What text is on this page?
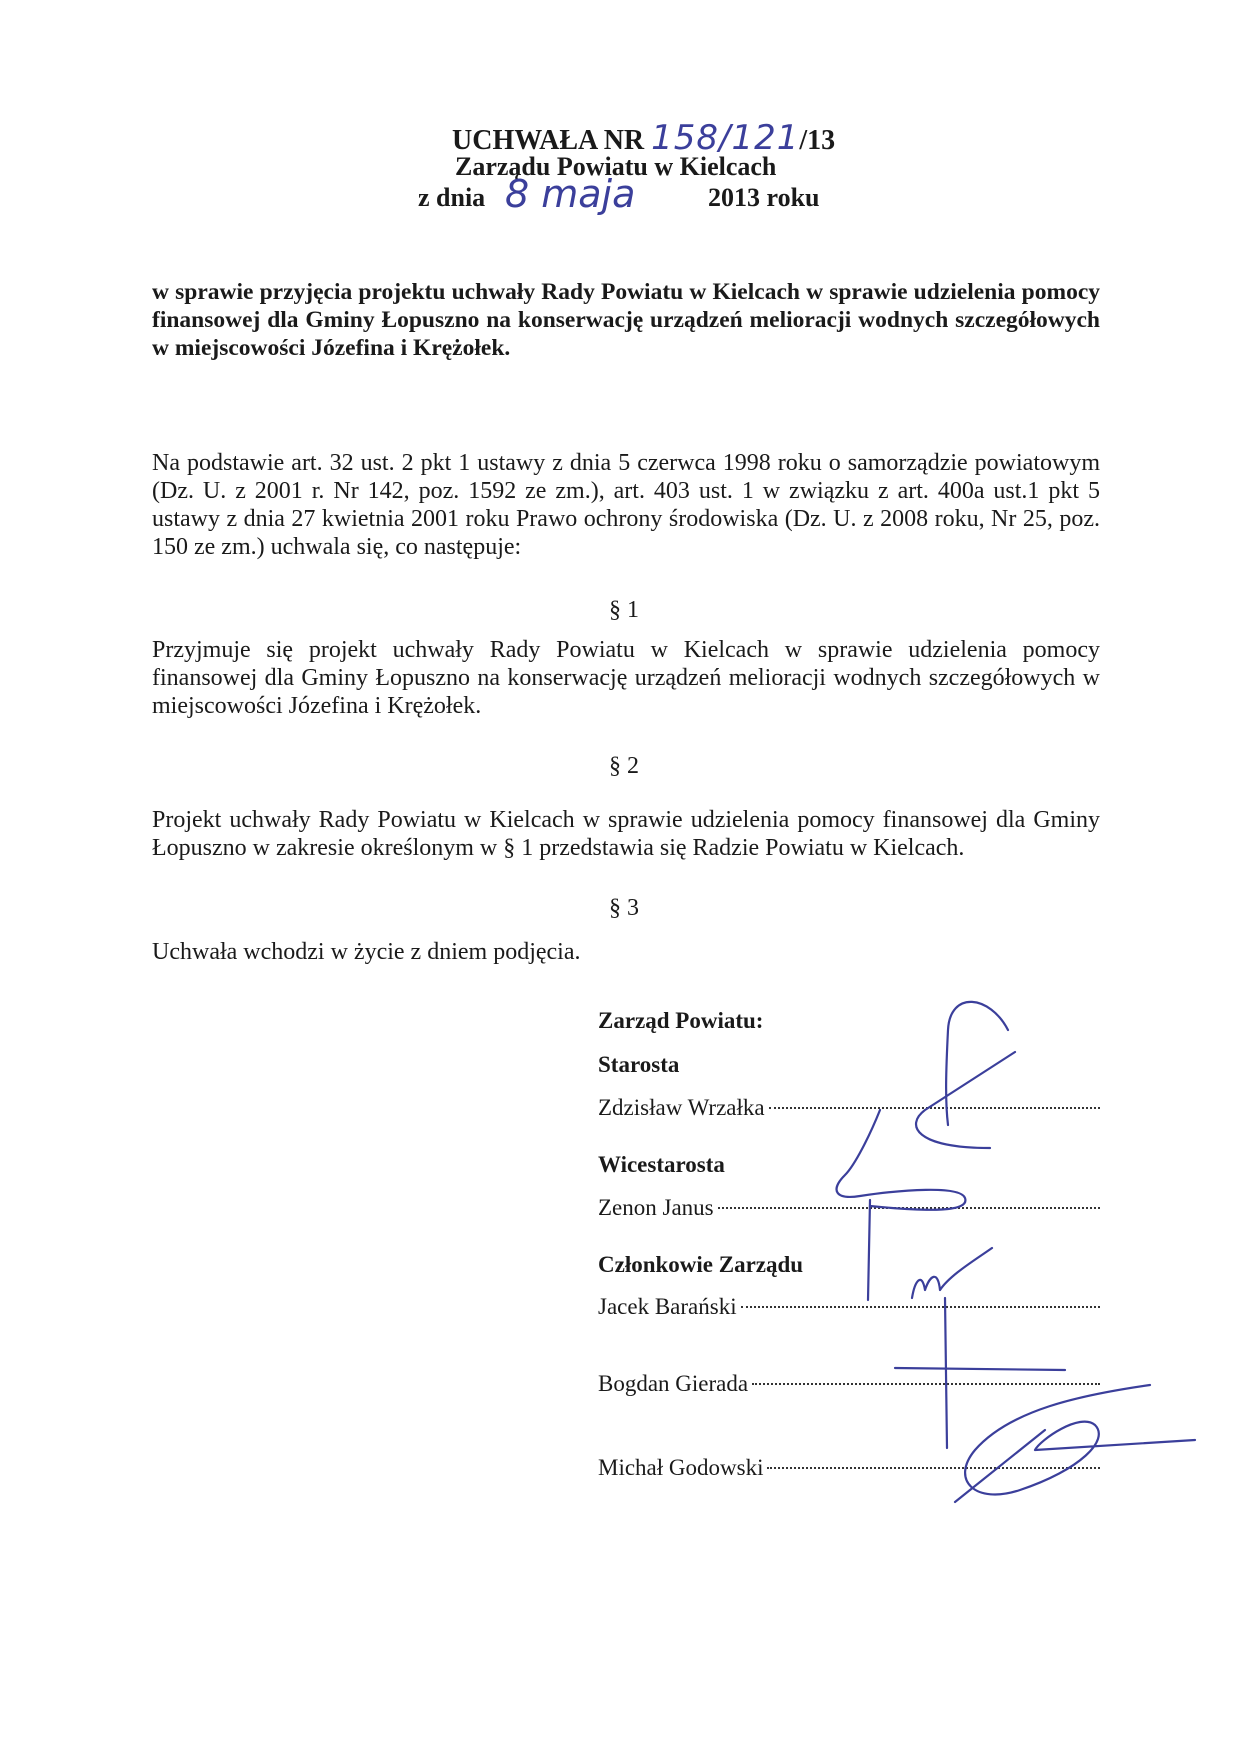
UCHWAŁA NR 158/121/13
Zarządu Powiatu w Kielcach
z dnia 8 maja	2013 roku
w sprawie przyjęcia projektu uchwały Rady Powiatu w Kielcach w sprawie udzielenia pomocy finansowej dla Gminy Łopuszno na konserwację urządzeń melioracji wodnych szczegółowych w miejscowości Józefina i Krężołek.
Na podstawie art. 32 ust. 2 pkt 1 ustawy z dnia 5 czerwca 1998 roku o samorządzie powiatowym (Dz. U. z 2001 r. Nr 142, poz. 1592 ze zm.), art. 403 ust. 1 w związku z art. 400a ust.1 pkt 5 ustawy z dnia 27 kwietnia 2001 roku Prawo ochrony środowiska (Dz. U. z 2008 roku, Nr 25, poz. 150 ze zm.) uchwala się, co następuje:
§ 1
Przyjmuje się projekt uchwały Rady Powiatu w Kielcach w sprawie udzielenia pomocy finansowej dla Gminy Łopuszno na konserwację urządzeń melioracji wodnych szczegółowych w miejscowości Józefina i Krężołek.
§ 2
Projekt uchwały Rady Powiatu w Kielcach w sprawie udzielenia pomocy finansowej dla Gminy Łopuszno w zakresie określonym w § 1 przedstawia się Radzie Powiatu w Kielcach.
§ 3
Uchwała wchodzi w życie z dniem podjęcia.
Zarząd Powiatu:
Starosta
Zdzisław Wrzałka
Wicestarosta
Zenon Janus
Członkowie Zarządu
Jacek Barański
Bogdan Gierada
Michał Godowski
